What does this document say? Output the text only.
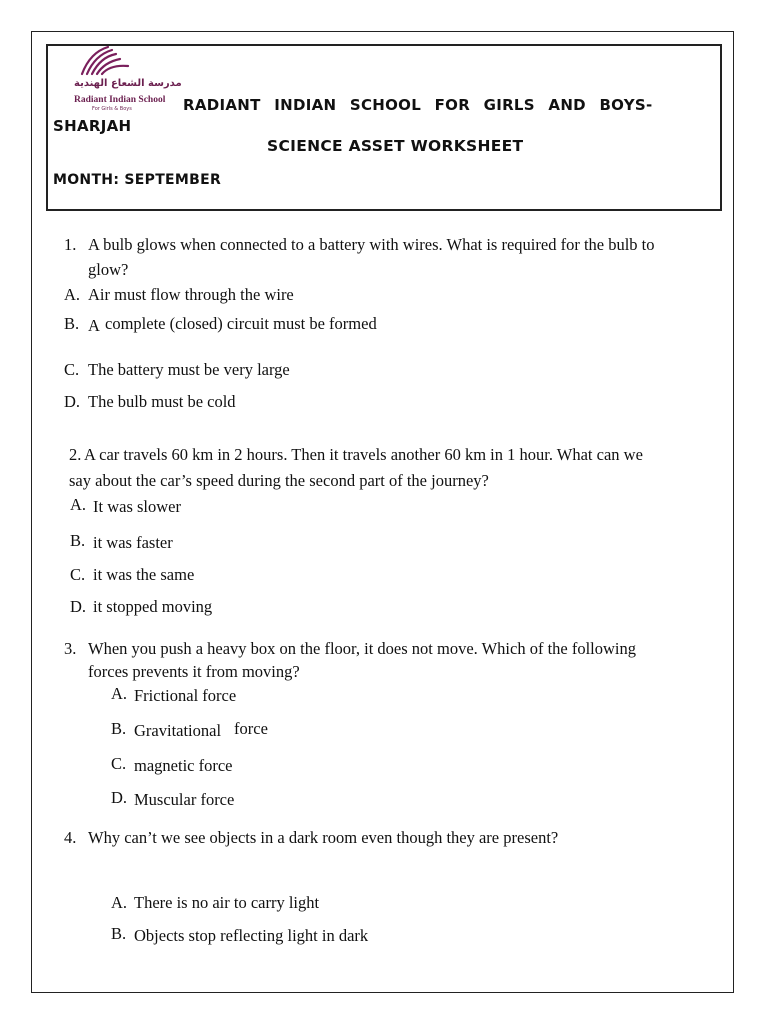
مدرسة الشعاع الهندية
Radiant Indian School
For Girls & Boys	RADIANT INDIAN SCHOOL FOR GIRLS AND BOYS-
SHARJAH
SCIENCE ASSET WORKSHEET
MONTH: SEPTEMBER
1. A bulb glows when connected to a battery with wires. What is required for the bulb to
glow?
A. Air must flow through the wire
B. A complete (closed) circuit must be formed
C. The battery must be very large
D. The bulb must be cold
2. A car travels 60 km in 2 hours. Then it travels another 60 km in 1 hour. What can we
say about the car’s speed during the second part of the journey?
A. It was slower
B. it was faster
C. it was the same
D. it stopped moving
3. When you push a heavy box on the floor, it does not move. Which of the following
forces prevents it from moving?
A. Frictional force
B. Gravitational force
C. magnetic force
D. Muscular force
4. Why can’t we see objects in a dark room even though they are present?
A. There is no air to carry light
B. Objects stop reflecting light in dark
